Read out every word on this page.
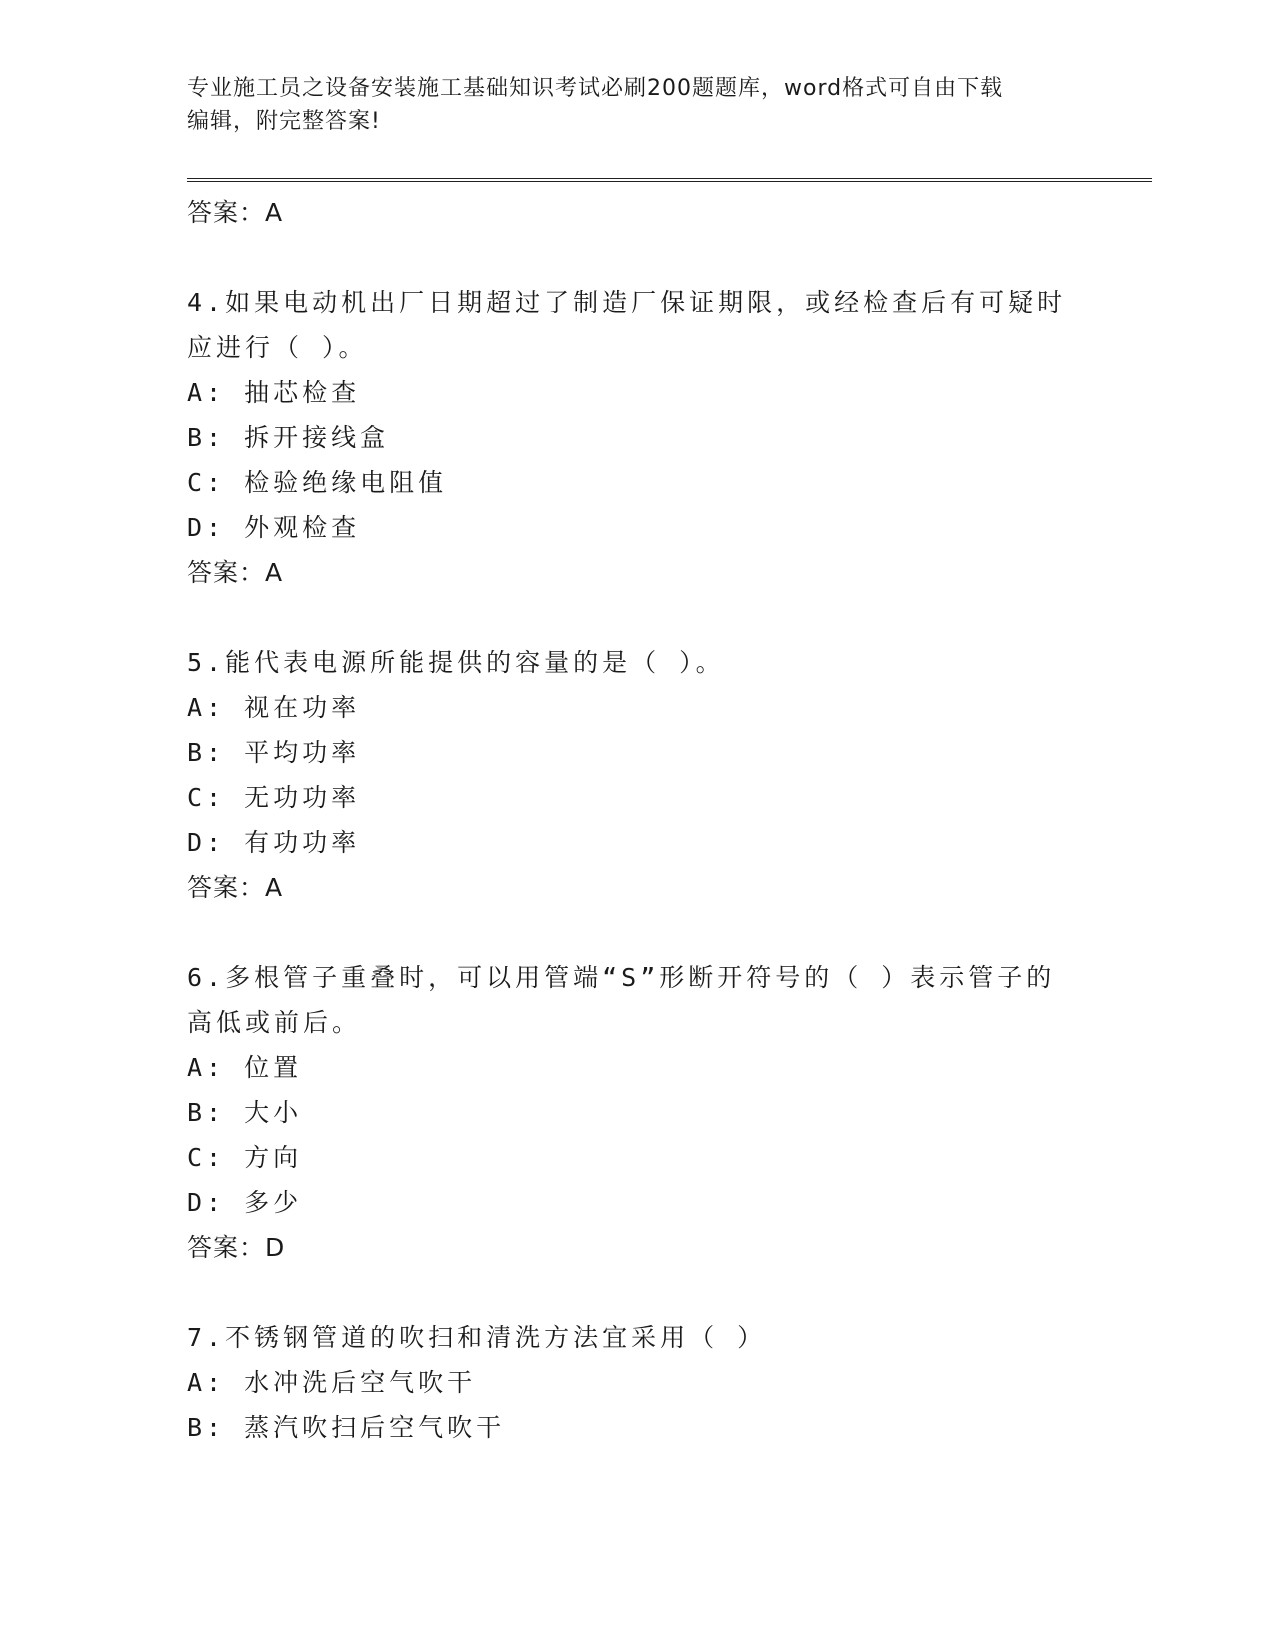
专业施工员之设备安装施工基础知识考试必刷200题题库，word格式可自由下载
编辑，附完整答案!
答案：A
4.如果电动机出厂日期超过了制造厂保证期限，或经检查后有可疑时
应进行（ ）。
A: 抽芯检查
B: 拆开接线盒
C: 检验绝缘电阻值
D: 外观检查
答案：A
5.能代表电源所能提供的容量的是（ ）。
A: 视在功率
B: 平均功率
C: 无功功率
D: 有功功率
答案：A
6.多根管子重叠时，可以用管端“S”形断开符号的（ ）表示管子的
高低或前后。
A: 位置
B: 大小
C: 方向
D: 多少
答案：D
7.不锈钢管道的吹扫和清洗方法宜采用（ ）
A: 水冲洗后空气吹干
B: 蒸汽吹扫后空气吹干
